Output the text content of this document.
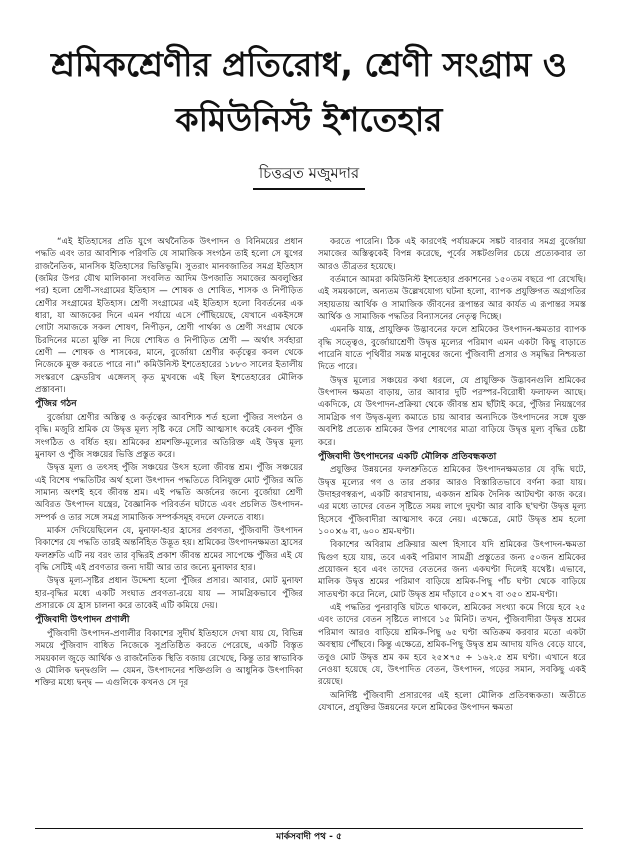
শ্রমিকশ্রেণীর প্রতিরোধ, শ্রেণী সংগ্রাম ও
কমিউনিস্ট ইশতেহার
চিত্তব্রত মজুমদার

“এই ইতিহাসের প্রতি যুগে অর্থনৈতিক উৎপাদন ও বিনিময়ের প্রধান পদ্ধতি এবং তার আবশ্যিক পরিণতি যে সামাজিক সংগঠন তাই হলো সে যুগের রাজনৈতিক, মানসিক ইতিহাসের ভিত্তিভূমি। সুতরাং মানবজাতির সমগ্র ইতিহাস (জমির উপর যৌথ মালিকানা সংবলিত আদিম উপজাতি সমাজের অবলুপ্তির পর) হলো শ্রেণী-সংগ্রামের ইতিহাস — শোষক ও শোষিত, শাসক ও নিপীড়িত শ্রেণীর সংগ্রামের ইতিহাস। শ্রেণী সংগ্রামের এই ইতিহাস হলো বিবর্তনের এক ধারা, যা আজকের দিনে এমন পর্যায়ে এসে পৌঁছিয়েছে, যেখানে একইসঙ্গে গোটা সমাজকে সকল শোষণ, নিপীড়ন, শ্রেণী পার্থক্য ও শ্রেণী সংগ্রাম থেকে চিরদিনের মতো মুক্তি না দিয়ে শোষিত ও নিপীড়িত শ্রেণী — অর্থাৎ সর্বহারা শ্রেণী — শোষক ও শাসকের, মানে, বুর্জোয়া শ্রেণীর কর্তৃত্বের কবল থেকে নিজেকে মুক্ত করতে পারে না।” কমিউনিস্ট ইশতেহারের ১৮৮৩ সালের ইতালীয় সংস্করণে ফ্রেডরিখ এঙ্গেলস্ কৃত মুখবন্ধে এই ছিল ইশতেহারের মৌলিক প্রস্তাবনা।

পুঁজির গঠন

বুর্জোয়া শ্রেণীর অস্তিত্ব ও কর্তৃত্বের আবশ্যিক শর্ত হলো পুঁজির সংগঠন ও বৃদ্ধি। মজুরি শ্রমিক যে উদ্বৃত্ত মূল্য সৃষ্টি করে সেটি আত্মসাৎ করেই কেবল পুঁজি সংগঠিত ও বর্ধিত হয়। শ্রমিকের শ্রমশক্তি-মূল্যের অতিরিক্ত এই উদ্বৃত্ত মূল্য মুনাফা ও পুঁজি সঞ্চয়ের ভিত্তি প্রস্তুত করে।

উদ্বৃত্ত মূল্য ও তৎসহ পুঁজি সঞ্চয়ের উৎস হলো জীবন্ত শ্রম। পুঁজি সঞ্চয়ের এই বিশেষ পদ্ধতিটির অর্থ হলো উৎপাদন পদ্ধতিতে বিনিযুক্ত মোট পুঁজির অতি সামান্য অংশই হবে জীবন্ত শ্রম। এই পদ্ধতি অর্জনের জন্যে বুর্জোয়া শ্রেণী অবিরত উৎপাদন যন্ত্রের, বৈজ্ঞানিক পরিবর্তন ঘটাতে এবং প্রচলিত উৎপাদন-সম্পর্ক ও তার সঙ্গে সমগ্র সামাজিক সম্পর্কসমূহ বদলে ফেলতে বাধ্য।

মার্কস দেখিয়েছিলেন যে, মুনাফা-হার হ্রাসের প্রবণতা, পুঁজিবাদী উৎপাদন বিকাশের যে পদ্ধতি তারই অন্তর্নিহিত উদ্ভূত হয়। শ্রমিকের উৎপাদনক্ষমতা হ্রাসের ফলশ্রুতি এটি নয় বরং তার বৃদ্ধিরই প্রকাশ জীবন্ত শ্রমের সাপেক্ষে পুঁজির এই যে বৃদ্ধি সেটিই এই প্রবণতার জন্য দায়ী আর তার জন্যে মুনাফার হার।

উদ্বৃত্ত মূল্য-সৃষ্টির প্রধান উদ্দেশ্য হলো পুঁজির প্রসার। আবার, মোট মুনাফা হার-বৃদ্ধির মধ্যে একটি সংঘাত প্রবণতা-রয়ে যায় — সামগ্রিকভাবে পুঁজির প্রসারকে যে হ্রাস চালনা করে তাকেই এটি কমিয়ে দেয়।

পুঁজিবাদী উৎপাদন প্রণালী

পুঁজিবাদী উৎপাদন-প্রণালীর বিকাশের সুদীর্ঘ ইতিহাসে দেখা যায় যে, বিভিন্ন সময়ে পুঁজিবাদ বাধিত নিজেকে সুপ্রতিষ্ঠিত করতে পেরেছে, একটি বিস্তৃত সময়কাল জুড়ে আর্থিক ও রাজনৈতিক স্থিতি বজায় রেখেছে, কিন্তু তার স্বাভাবিক ও মৌলিক দ্বন্দ্বগুলি — যেমন, উৎপাদনের শক্তিগুলি ও আধুনিক উৎপাদিকা শক্তির মধ্যে দ্বন্দ্ব — এগুলিকে কখনও সে দূর

করতে পারেনি। ঠিক এই কারণেই পর্যায়ক্রমে সঙ্কট বারবার সমগ্র বুর্জোয়া সমাজের অস্তিত্বকেই বিপন্ন করেছে, পূর্বের সঙ্কটগুলির চেয়ে প্রত্যেকবার তা আরও তীব্রতর হয়েছে।

বর্তমানে আমরা কমিউনিস্ট ইশতেহার প্রকাশনের ১৫০তম বছরে পা রেখেছি। এই সময়কালে, অন্যতম উল্লেখযোগ্য ঘটনা হলো, ব্যাপক প্রযুক্তিগত অগ্রগতির সহায়তায় আর্থিক ও সামাজিক জীবনের রূপান্তর আর কার্যত এ রূপান্তর সমস্ত আর্থিক ও সামাজিক পদ্ধতির বিন্যাসনের নেতৃত্ব দিচ্ছে।

এমনকি যান্ত্র, প্রাযুক্তিক উদ্ভাবনের ফলে শ্রমিকের উৎপাদন-ক্ষমতার ব্যাপক বৃদ্ধি সত্ত্বেও, বুর্জোয়াশ্রেণী উদ্বৃত্ত মূল্যের পরিমাণ এমন একটা কিছু বাড়াতে পারেনি যাতে পৃথিবীর সমস্ত মানুষের জন্যে পুঁজিবাদী প্রসার ও সমৃদ্ধির নিশ্চয়তা দিতে পারে।

উদ্বৃত্ত মূল্যের সঞ্চয়ের কথা ধরলে, যে প্রাযুক্তিক উদ্ভাবনগুলি শ্রমিকের উৎপাদন ক্ষমতা বাড়ায়, তার আবার দুটি পরস্পর-বিরোধী ফলাফল আছে। একদিকে, যে উৎপাদন-প্রক্রিয়া থেকে জীবন্ত শ্রম ছাঁটাই করে, পুঁজির নিয়ন্ত্রণের সামগ্রিক গণ উদ্বৃত্ত-মূল্য কমাতে চায় আবার অন্যদিকে উৎপাদনের সঙ্গে যুক্ত অবশিষ্ট প্রত্যেক শ্রমিকের উপর শোষণের মাত্রা বাড়িয়ে উদ্বৃত্ত মূল্য বৃদ্ধির চেষ্টা করে।

পুঁজিবাদী উৎপাদনের একটি মৌলিক প্রতিবন্ধকতা

প্রযুক্তির উন্নয়নের ফলশ্রুতিতে শ্রমিকের উৎপাদনক্ষমতার যে বৃদ্ধি ঘটে, উদ্বৃত্ত মূল্যের গণ ও তার প্রকার আরও বিস্তারিতভাবে বর্ণনা করা যায়। উদাহরণস্বরূপ, একটি কারখানায়, একজন শ্রমিক দৈনিক আটঘণ্টা কাজ করে। এর মধ্যে তাদের বেতন সৃষ্টিতে সময় লাগে দুঘণ্টা আর বাকি ছ'ঘণ্টা উদ্বৃত্ত মূল্য হিসেবে পুঁজিবাদীরা আত্মসাৎ করে নেয়। এক্ষেত্রে, মোট উদ্বৃত্ত শ্রম হলো ১০০×৬ বা, ৬০০ শ্রম-ঘণ্টা।

বিকাশের অবিরাম প্রক্রিয়ার অংশ হিসাবে যদি শ্রমিকের উৎপাদন-ক্ষমতা দ্বিগুণ হয়ে যায়, তবে একই পরিমাণ সামগ্রী প্রস্তুতের জন্য ৫০জন শ্রমিকের প্রয়োজন হবে এবং তাদের বেতনের জন্য একঘণ্টা দিলেই যথেষ্ট। এভাবে, মালিক উদ্বৃত্ত শ্রমের পরিমাণ বাড়িয়ে শ্রমিক-পিছু পাঁচ ঘণ্টা থেকে বাড়িয়ে সাতঘণ্টা করে নিলে, মোট উদ্বৃত্ত শ্রম দাঁড়াবে ৫০×৭ বা ৩৫০ শ্রম-ঘণ্টা।

এই পদ্ধতির পুনরাবৃত্তি ঘটতে থাকলে, শ্রমিকের সংখ্যা কমে গিয়ে হবে ২৫ এবং তাদের বেতন সৃষ্টিতে লাগবে ১৫ মিনিট। তখন, পুঁজিবাদীরা উদ্বৃত্ত শ্রমের পরিমাণ আরও বাড়িয়ে শ্রমিক-পিছু ৬৫ ঘণ্টা অতিক্রম করবার মতো একটা অবস্থায় পৌঁছবে। কিন্তু এক্ষেত্রে, শ্রমিক-পিছু উদ্বৃত্ত শ্রম আদায় যদিও বেড়ে যাবে, তবুও মোট উদ্বৃত্ত শ্রম কম হবে ২৫×৭৫ ÷ ১৬২.৫ শ্রম ঘণ্টা। এখানে ধরে নেওয়া হয়েছে যে, উৎপাদিত বেতন, উৎপাদন, গড়ের সমান, সবকিছু একই রয়েছে।

অনির্দিষ্ট পুঁজিবাদী প্রসারণের এই হলো মৌলিক প্রতিবন্ধকতা। অতীতে যেখানে, প্রযুক্তির উন্নয়নের ফলে শ্রমিকের উৎপাদন ক্ষমতা

মার্কসবাদী পথ - ৫
